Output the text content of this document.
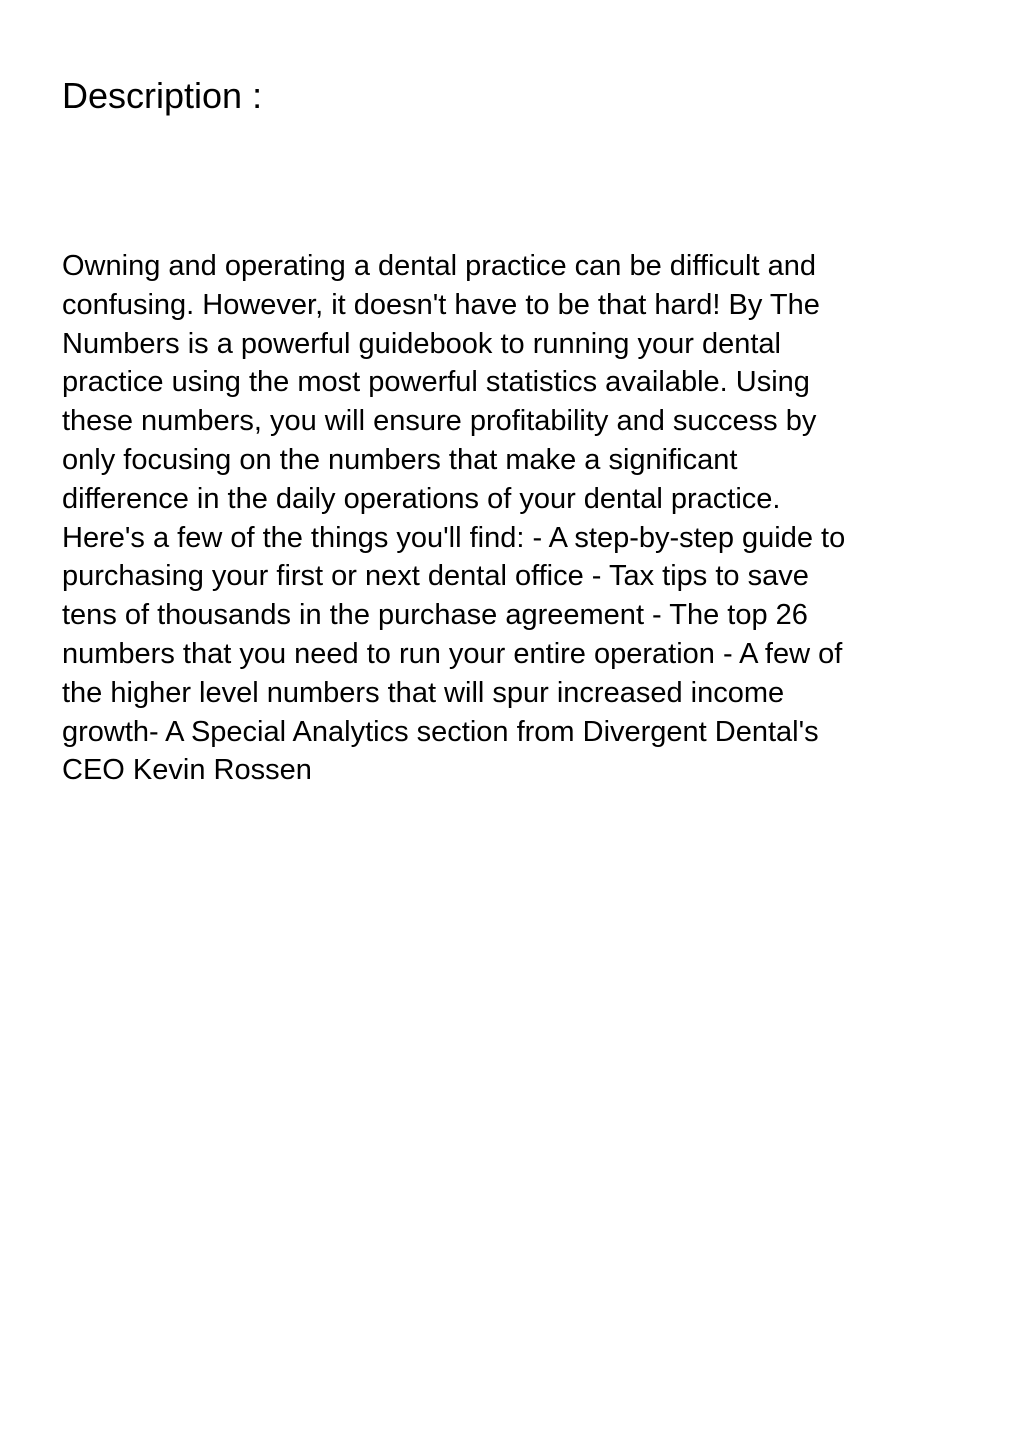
Description :
Owning and operating a dental practice can be difficult and
confusing. However, it doesn't have to be that hard! By The
Numbers is a powerful guidebook to running your dental
practice using the most powerful statistics available. Using
these numbers, you will ensure profitability and success by
only focusing on the numbers that make a significant
difference in the daily operations of your dental practice.
Here's a few of the things you'll find: - A step-by-step guide to
purchasing your first or next dental office - Tax tips to save
tens of thousands in the purchase agreement - The top 26
numbers that you need to run your entire operation - A few of
the higher level numbers that will spur increased income
growth- A Special Analytics section from Divergent Dental's
CEO Kevin Rossen
